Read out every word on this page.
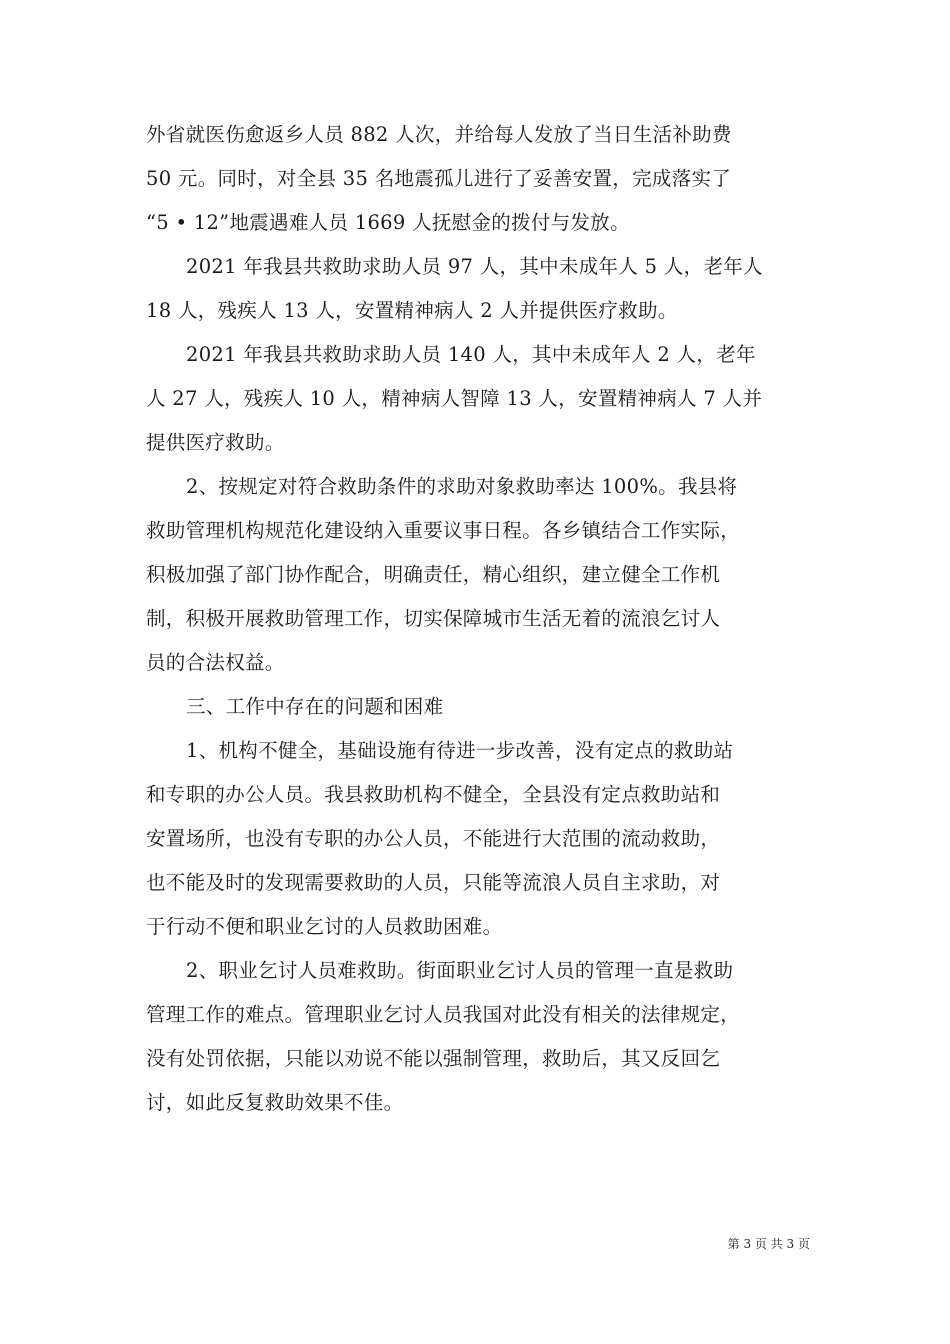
外省就医伤愈返乡人员 882 人次，并给每人发放了当日生活补助费
50 元。同时，对全县 35 名地震孤儿进行了妥善安置，完成落实了
“5 • 12”地震遇难人员 1669 人抚慰金的拨付与发放。
2021 年我县共救助求助人员 97 人，其中未成年人 5 人，老年人
18 人，残疾人 13 人，安置精神病人 2 人并提供医疗救助。
2021 年我县共救助求助人员 140 人，其中未成年人 2 人，老年
人 27 人，残疾人 10 人，精神病人智障 13 人，安置精神病人 7 人并
提供医疗救助。
2、按规定对符合救助条件的求助对象救助率达 100%。我县将
救助管理机构规范化建设纳入重要议事日程。各乡镇结合工作实际，
积极加强了部门协作配合，明确责任，精心组织，建立健全工作机
制，积极开展救助管理工作，切实保障城市生活无着的流浪乞讨人
员的合法权益。
三、工作中存在的问题和困难
1、机构不健全，基础设施有待进一步改善，没有定点的救助站
和专职的办公人员。我县救助机构不健全，全县没有定点救助站和
安置场所，也没有专职的办公人员，不能进行大范围的流动救助，
也不能及时的发现需要救助的人员，只能等流浪人员自主求助，对
于行动不便和职业乞讨的人员救助困难。
2、职业乞讨人员难救助。街面职业乞讨人员的管理一直是救助
管理工作的难点。管理职业乞讨人员我国对此没有相关的法律规定，
没有处罚依据，只能以劝说不能以强制管理，救助后，其又反回乞
讨，如此反复救助效果不佳。
第 3 页 共 3 页
